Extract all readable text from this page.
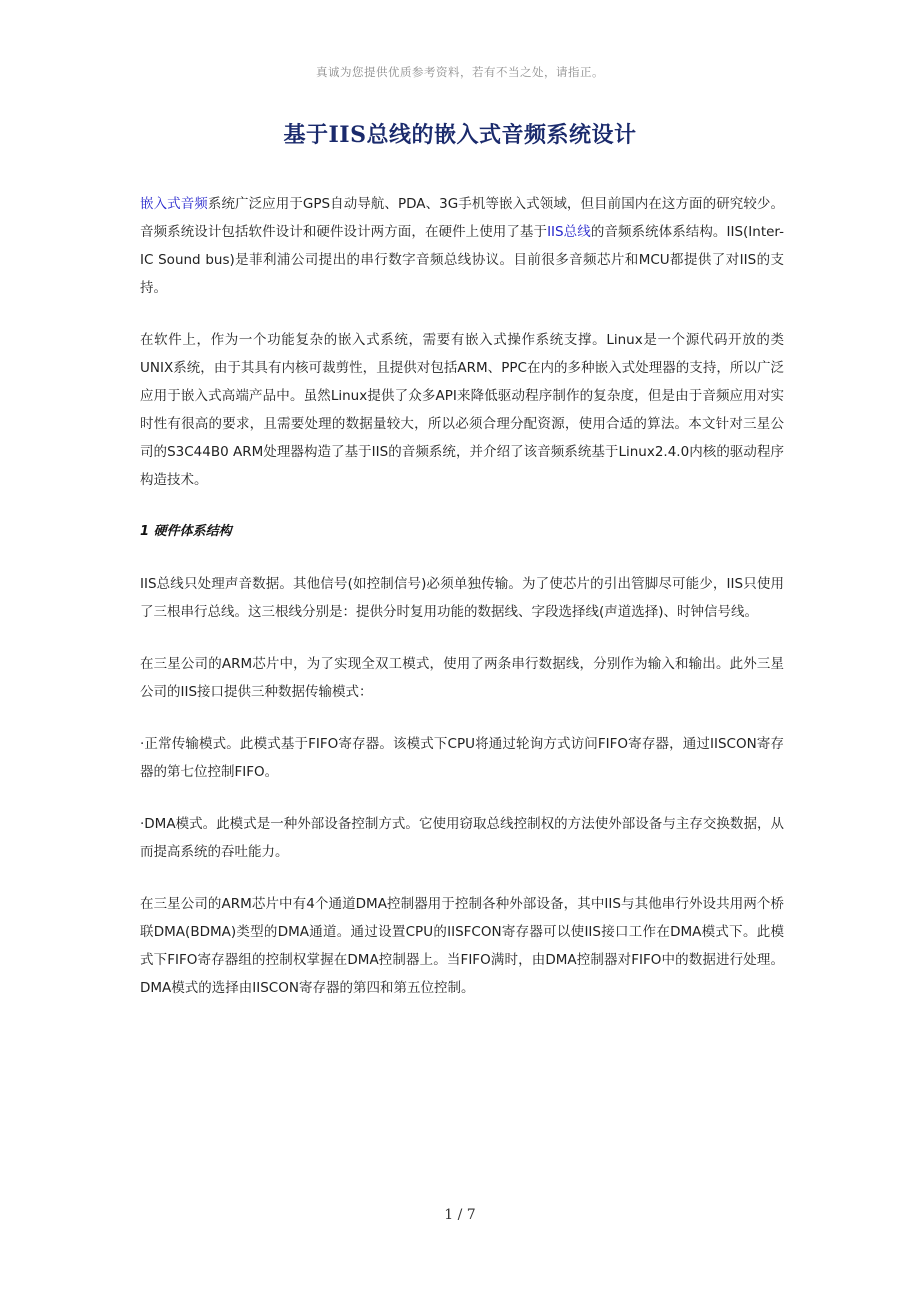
真诚为您提供优质参考资料，若有不当之处，请指正。
基于IIS总线的嵌入式音频系统设计

嵌入式音频系统广泛应用于GPS自动导航、PDA、3G手机等嵌入式领域，但目前国内在这方面的研究较少。音频系统设计包括软件设计和硬件设计两方面，在硬件上使用了基于IIS总线的音频系统体系结构。IIS(Inter-IC Sound bus)是菲利浦公司提出的串行数字音频总线协议。目前很多音频芯片和MCU都提供了对IIS的支持。

在软件上，作为一个功能复杂的嵌入式系统，需要有嵌入式操作系统支撑。Linux是一个源代码开放的类UNIX系统，由于其具有内核可裁剪性，且提供对包括ARM、PPC在内的多种嵌入式处理器的支持，所以广泛应用于嵌入式高端产品中。虽然Linux提供了众多API来降低驱动程序制作的复杂度，但是由于音频应用对实时性有很高的要求，且需要处理的数据量较大，所以必须合理分配资源，使用合适的算法。本文针对三星公司的S3C44B0 ARM处理器构造了基于IIS的音频系统，并介绍了该音频系统基于Linux2.4.0内核的驱动程序构造技术。

1 硬件体系结构

IIS总线只处理声音数据。其他信号(如控制信号)必须单独传输。为了使芯片的引出管脚尽可能少，IIS只使用了三根串行总线。这三根线分别是：提供分时复用功能的数据线、字段选择线(声道选择)、时钟信号线。

在三星公司的ARM芯片中，为了实现全双工模式，使用了两条串行数据线，分别作为输入和输出。此外三星公司的IIS接口提供三种数据传输模式：

·正常传输模式。此模式基于FIFO寄存器。该模式下CPU将通过轮询方式访问FIFO寄存器，通过IISCON寄存器的第七位控制FIFO。

·DMA模式。此模式是一种外部设备控制方式。它使用窃取总线控制权的方法使外部设备与主存交换数据，从而提高系统的吞吐能力。

在三星公司的ARM芯片中有4个通道DMA控制器用于控制各种外部设备，其中IIS与其他串行外设共用两个桥联DMA(BDMA)类型的DMA通道。通过设置CPU的IISFCON寄存器可以使IIS接口工作在DMA模式下。此模式下FIFO寄存器组的控制权掌握在DMA控制器上。当FIFO满时，由DMA控制器对FIFO中的数据进行处理。DMA模式的选择由IISCON寄存器的第四和第五位控制。

1 / 7
